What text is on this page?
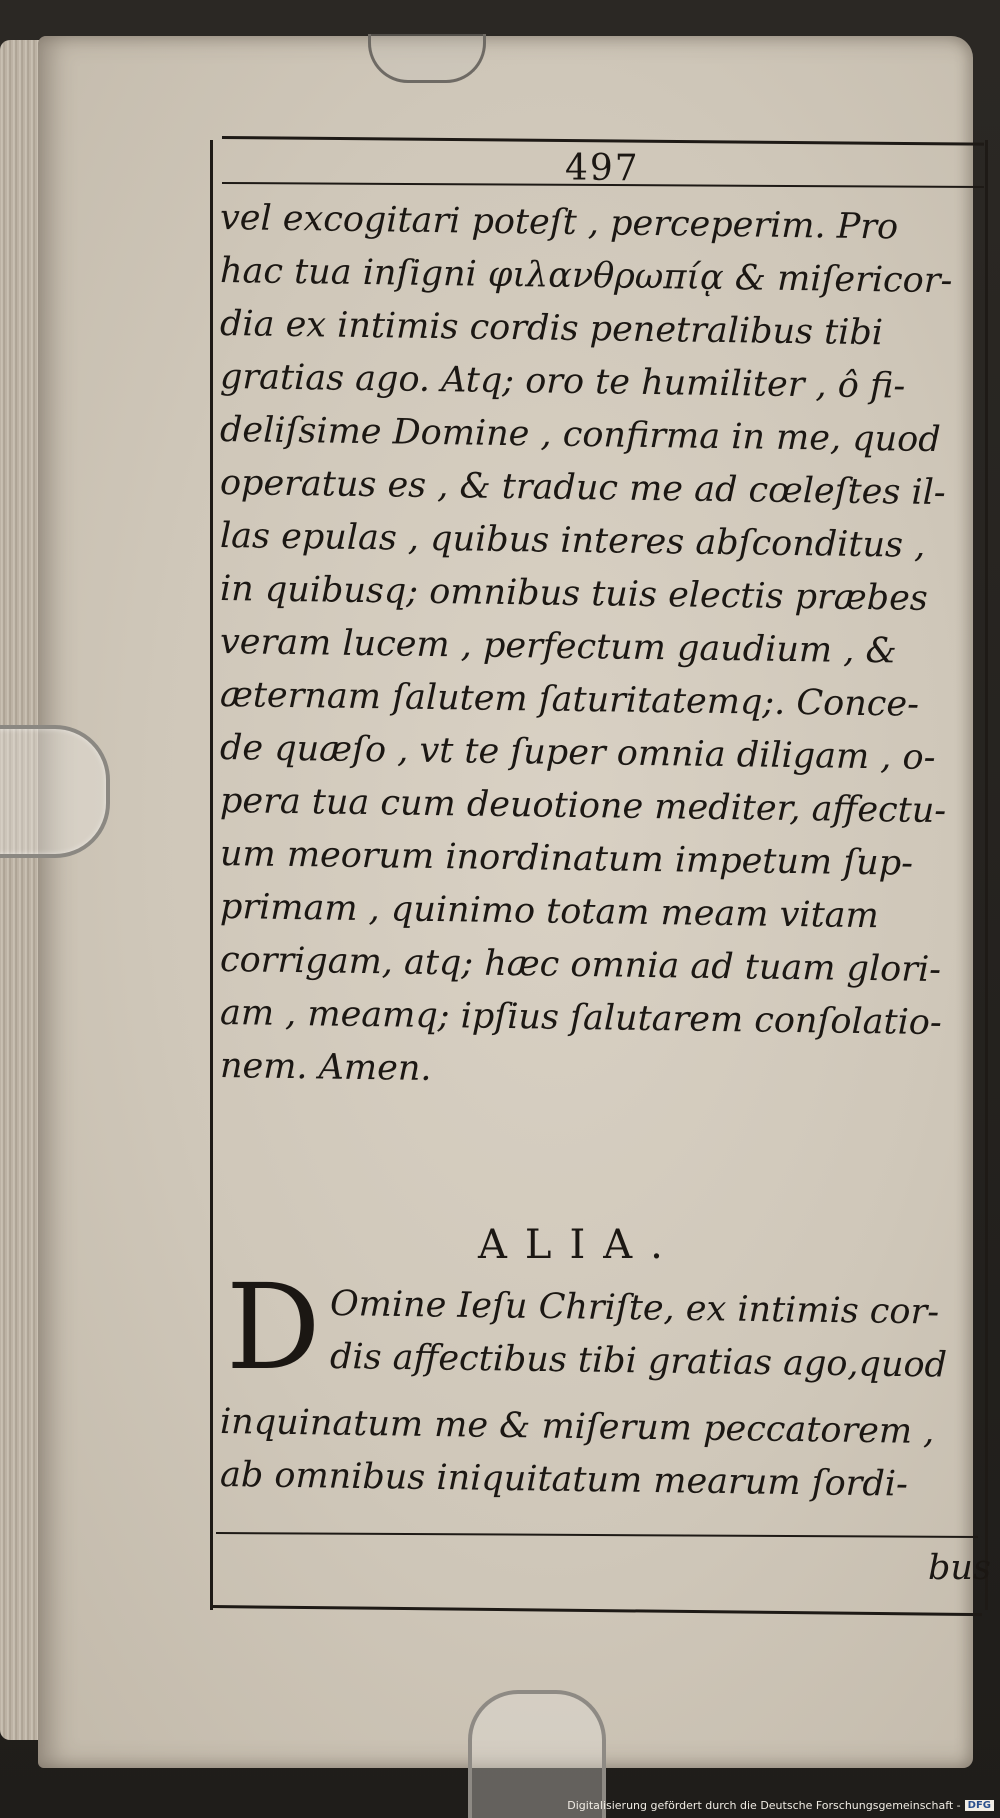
497
vel excogitari poteſt , perceperim. Pro
hac tua inſigni φιλανθρωπίᾳ & miſericor-
dia ex intimis cordis penetralibus tibi
gratias ago. Atq; oro te humiliter , ô fi-
deliſsime Domine , confirma in me, quod
operatus es , & traduc me ad cœleſtes il-
las epulas , quibus interes abſconditus ,
in quibusq; omnibus tuis electis præbes
veram lucem , perfectum gaudium , &
æternam ſalutem ſaturitatemq;. Conce-
de quæſo , vt te ſuper omnia diligam , o-
pera tua cum deuotione mediter, affectu-
um meorum inordinatum impetum ſup-
primam , quinimo totam meam vitam
corrigam, atq; hæc omnia ad tuam glori-
am , meamq; ipſius ſalutarem conſolatio-
nem. Amen.
ALIA.
D Omine Ieſu Chriſte, ex intimis cor-
dis affectibus tibi gratias ago,quod
inquinatum me & miſerum peccatorem ,
ab omnibus iniquitatum mearum ſordi-
bus
Digitalisierung gefördert durch die Deutsche Forschungsgemeinschaft - DFG
